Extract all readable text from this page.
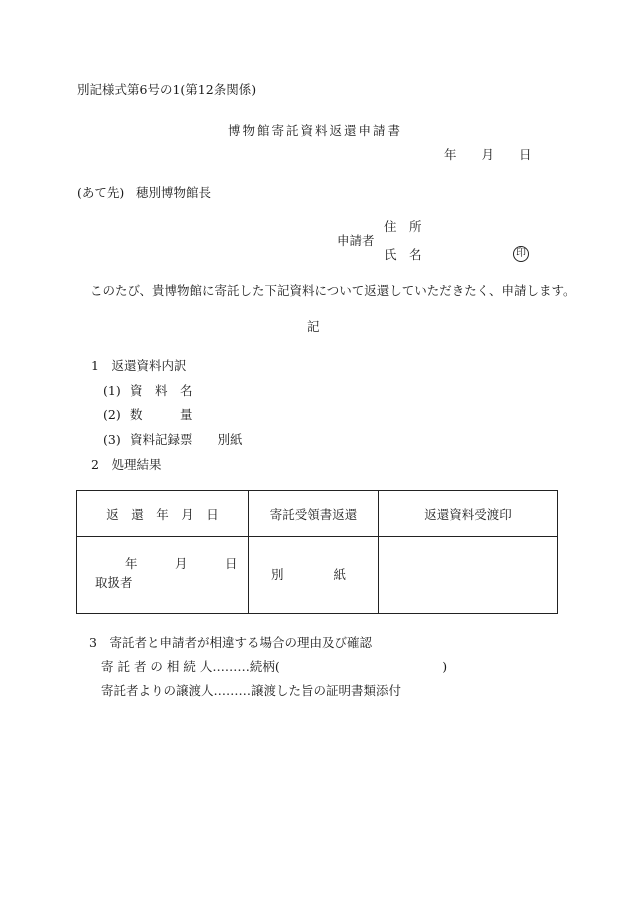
別記様式第6号の1(第12条関係)
博物館寄託資料返還申請書
年　　月　　日
(あて先) 穂別博物館長
住　所
申請者
氏　名	印
このたび、貴博物館に寄託した下記資料について返還していただきたく、申請します。
記
1　返還資料内訳
(1) 資　料　名
(2) 数　　　量
(3) 資料記録票　　別紙
2　処理結果
返　還　年　月　日	寄託受領書返還	返還資料受渡印

年　　　月　　　日
取扱者	別　　　　紙	

3　寄託者と申請者が相違する場合の理由及び確認
寄 託 者 の 相 続 人………続柄(　　　　　　　　　　　　　)
寄託者よりの譲渡人………譲渡した旨の証明書類添付
